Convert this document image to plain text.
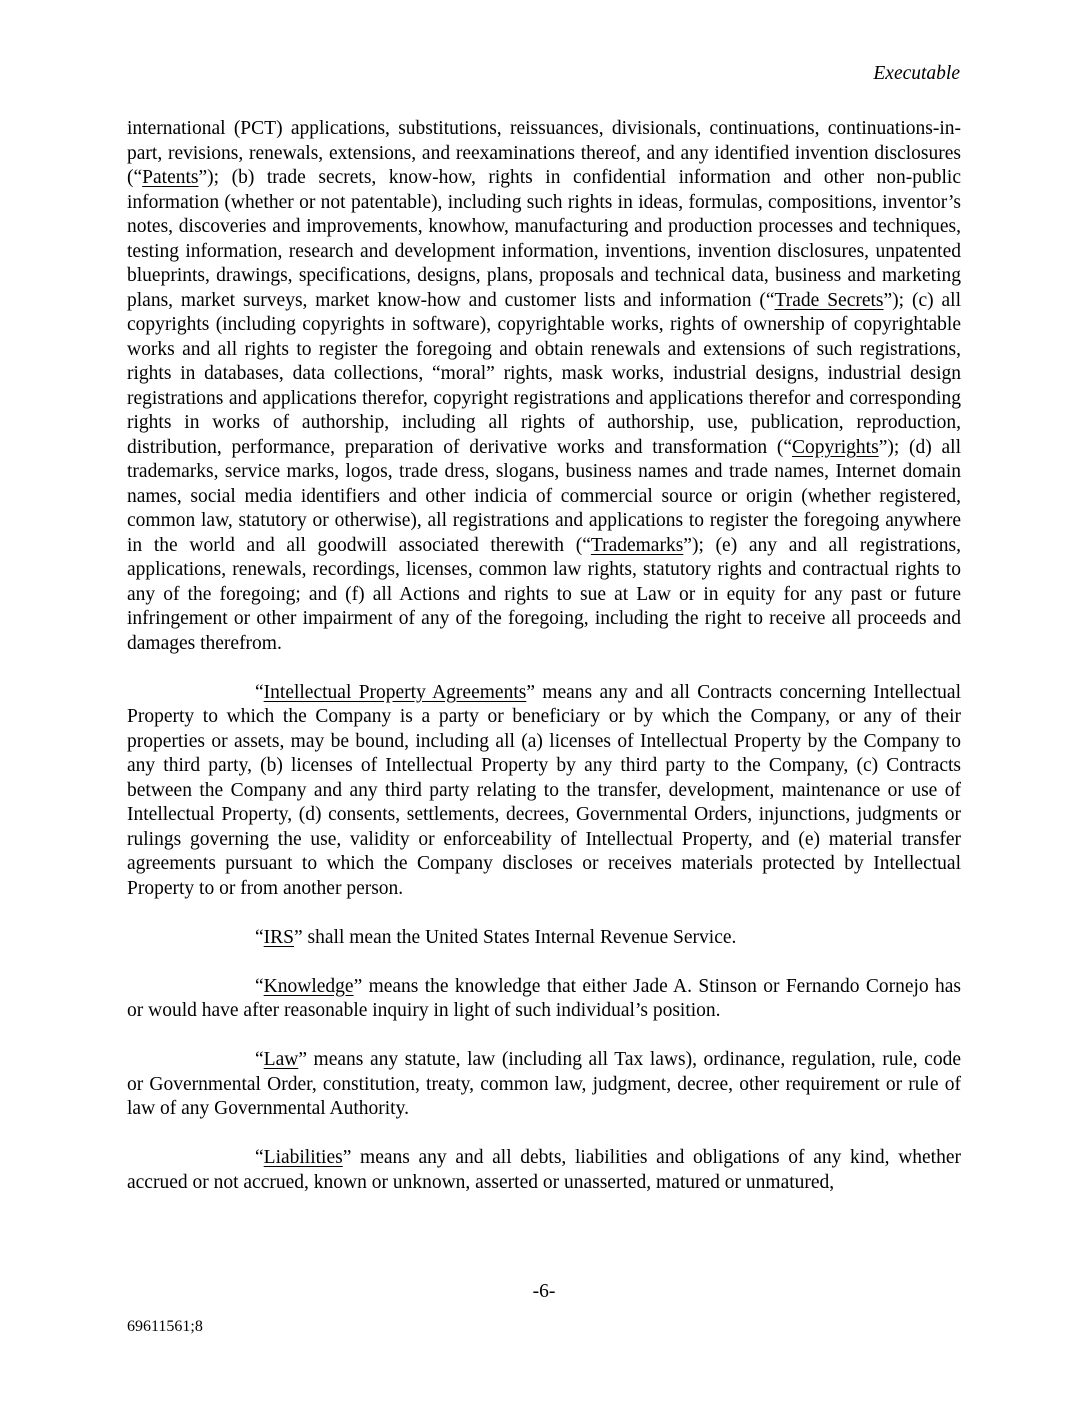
Executable

international (PCT) applications, substitutions, reissuances, divisionals, continuations, continuations-in-part, revisions, renewals, extensions, and reexaminations thereof, and any identified invention disclosures (“Patents”); (b) trade secrets, know-how, rights in confidential information and other non-public information (whether or not patentable), including such rights in ideas, formulas, compositions, inventor’s notes, discoveries and improvements, knowhow, manufacturing and production processes and techniques, testing information, research and development information, inventions, invention disclosures, unpatented blueprints, drawings, specifications, designs, plans, proposals and technical data, business and marketing plans, market surveys, market know-how and customer lists and information (“Trade Secrets”); (c) all copyrights (including copyrights in software), copyrightable works, rights of ownership of copyrightable works and all rights to register the foregoing and obtain renewals and extensions of such registrations, rights in databases, data collections, “moral” rights, mask works, industrial designs, industrial design registrations and applications therefor, copyright registrations and applications therefor and corresponding rights in works of authorship, including all rights of authorship, use, publication, reproduction, distribution, performance, preparation of derivative works and transformation (“Copyrights”); (d) all trademarks, service marks, logos, trade dress, slogans, business names and trade names, Internet domain names, social media identifiers and other indicia of commercial source or origin (whether registered, common law, statutory or otherwise), all registrations and applications to register the foregoing anywhere in the world and all goodwill associated therewith (“Trademarks”); (e) any and all registrations, applications, renewals, recordings, licenses, common law rights, statutory rights and contractual rights to any of the foregoing; and (f) all Actions and rights to sue at Law or in equity for any past or future infringement or other impairment of any of the foregoing, including the right to receive all proceeds and damages therefrom.

“Intellectual Property Agreements” means any and all Contracts concerning Intellectual Property to which the Company is a party or beneficiary or by which the Company, or any of their properties or assets, may be bound, including all (a) licenses of Intellectual Property by the Company to any third party, (b) licenses of Intellectual Property by any third party to the Company, (c) Contracts between the Company and any third party relating to the transfer, development, maintenance or use of Intellectual Property, (d) consents, settlements, decrees, Governmental Orders, injunctions, judgments or rulings governing the use, validity or enforceability of Intellectual Property, and (e) material transfer agreements pursuant to which the Company discloses or receives materials protected by Intellectual Property to or from another person.

“IRS” shall mean the United States Internal Revenue Service.

“Knowledge” means the knowledge that either Jade A. Stinson or Fernando Cornejo has or would have after reasonable inquiry in light of such individual’s position.

“Law” means any statute, law (including all Tax laws), ordinance, regulation, rule, code or Governmental Order, constitution, treaty, common law, judgment, decree, other requirement or rule of law of any Governmental Authority.

“Liabilities” means any and all debts, liabilities and obligations of any kind, whether accrued or not accrued, known or unknown, asserted or unasserted, matured or unmatured,

-6-
69611561;8
